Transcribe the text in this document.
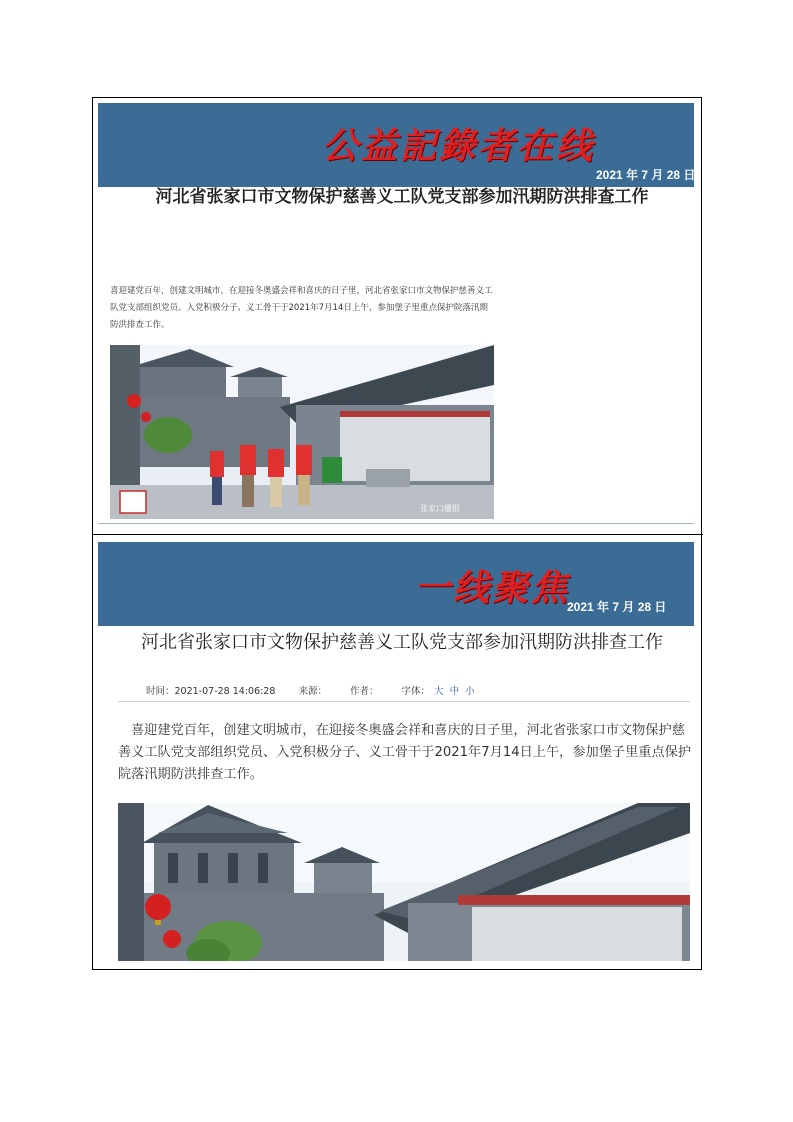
公益記錄者在线
2021 年 7 月 28 日
河北省张家口市文物保护慈善义工队党支部参加汛期防洪排查工作
喜迎建党百年，创建文明城市，在迎接冬奥盛会祥和喜庆的日子里，河北省张家口市文物保护慈善义工队党支部组织党员、入党积极分子、义工骨干于2021年7月14日上午，参加堡子里重点保护院落汛期防洪排查工作。
张家口播报
一线聚焦
2021 年 7 月 28 日
河北省张家口市文物保护慈善义工队党支部参加汛期防洪排查工作
时间：2021-07-28 14:06:28 来源： 作者： 字体： 大 中 小
喜迎建党百年，创建文明城市，在迎接冬奥盛会祥和喜庆的日子里，河北省张家口市文物保护慈善义工队党支部组织党员、入党积极分子、义工骨干于2021年7月14日上午，参加堡子里重点保护院落汛期防洪排查工作。
